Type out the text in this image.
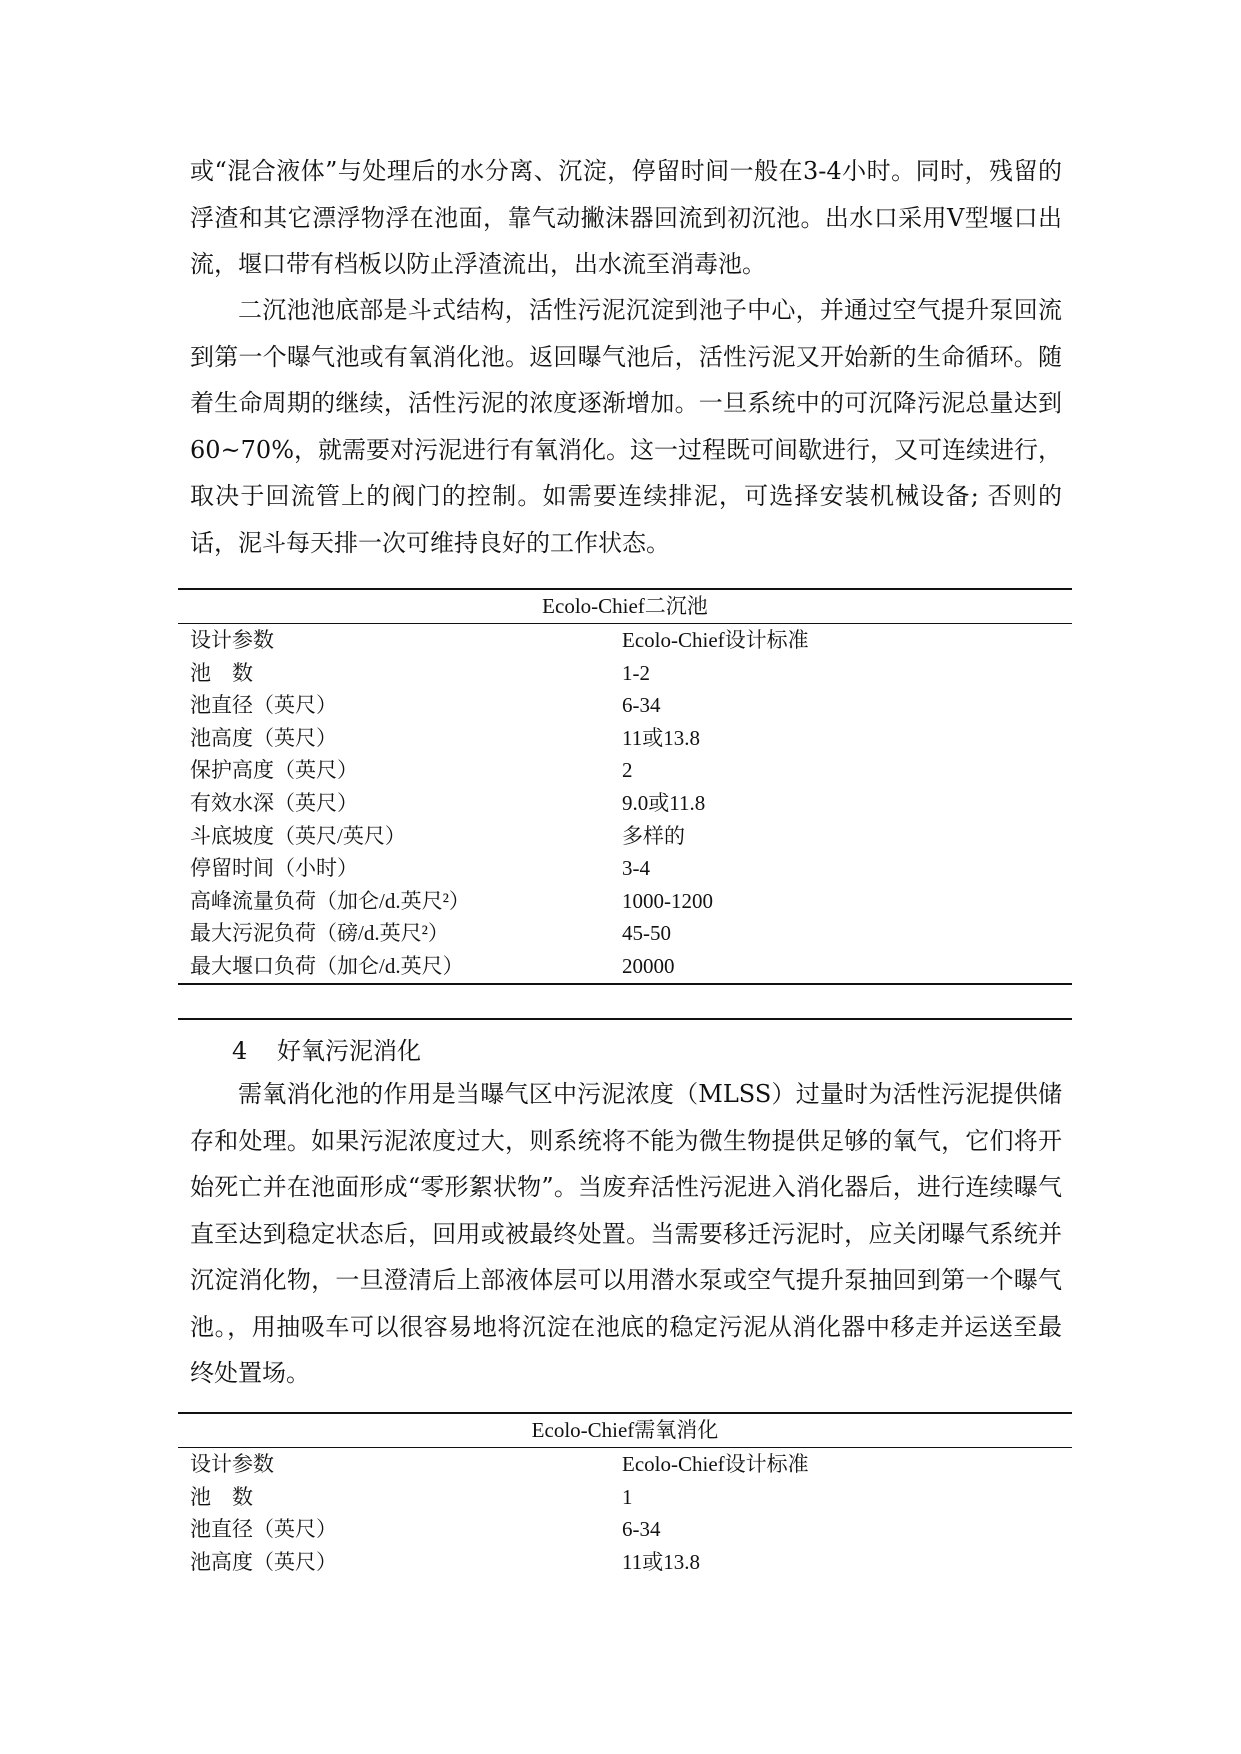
或“混合液体”与处理后的水分离、沉淀，停留时间一般在3-4小时。同时，残留的浮渣和其它漂浮物浮在池面，靠气动撇沫器回流到初沉池。出水口采用V型堰口出流，堰口带有档板以防止浮渣流出，出水流至消毒池。

二沉池池底部是斗式结构，活性污泥沉淀到池子中心，并通过空气提升泵回流到第一个曝气池或有氧消化池。返回曝气池后，活性污泥又开始新的生命循环。随着生命周期的继续，活性污泥的浓度逐渐增加。一旦系统中的可沉降污泥总量达到60~70%，就需要对污泥进行有氧消化。这一过程既可间歇进行，又可连续进行，取决于回流管上的阀门的控制。如需要连续排泥，可选择安装机械设备; 否则的话，泥斗每天排一次可维持良好的工作状态。

Ecolo-Chief二沉池
设计参数	Ecolo-Chief设计标准
池　数	1-2
池直径（英尺）	6-34
池高度（英尺）	11或13.8
保护高度（英尺）	2
有效水深（英尺）	9.0或11.8
斗底坡度（英尺/英尺）	多样的
停留时间（小时）	3-4
高峰流量负荷（加仑/d.英尺²）	1000-1200
最大污泥负荷（磅/d.英尺²）	45-50
最大堰口负荷（加仑/d.英尺）	20000
4 好氧污泥消化

需氧消化池的作用是当曝气区中污泥浓度（MLSS）过量时为活性污泥提供储存和处理。如果污泥浓度过大，则系统将不能为微生物提供足够的氧气，它们将开始死亡并在池面形成“零形絮状物”。当废弃活性污泥进入消化器后，进行连续曝气直至达到稳定状态后，回用或被最终处置。当需要移迁污泥时，应关闭曝气系统并沉淀消化物，一旦澄清后上部液体层可以用潜水泵或空气提升泵抽回到第一个曝气池。，用抽吸车可以很容易地将沉淀在池底的稳定污泥从消化器中移走并运送至最终处置场。

Ecolo-Chief需氧消化
设计参数	Ecolo-Chief设计标准
池　数	1
池直径（英尺）	6-34
池高度（英尺）	11或13.8
